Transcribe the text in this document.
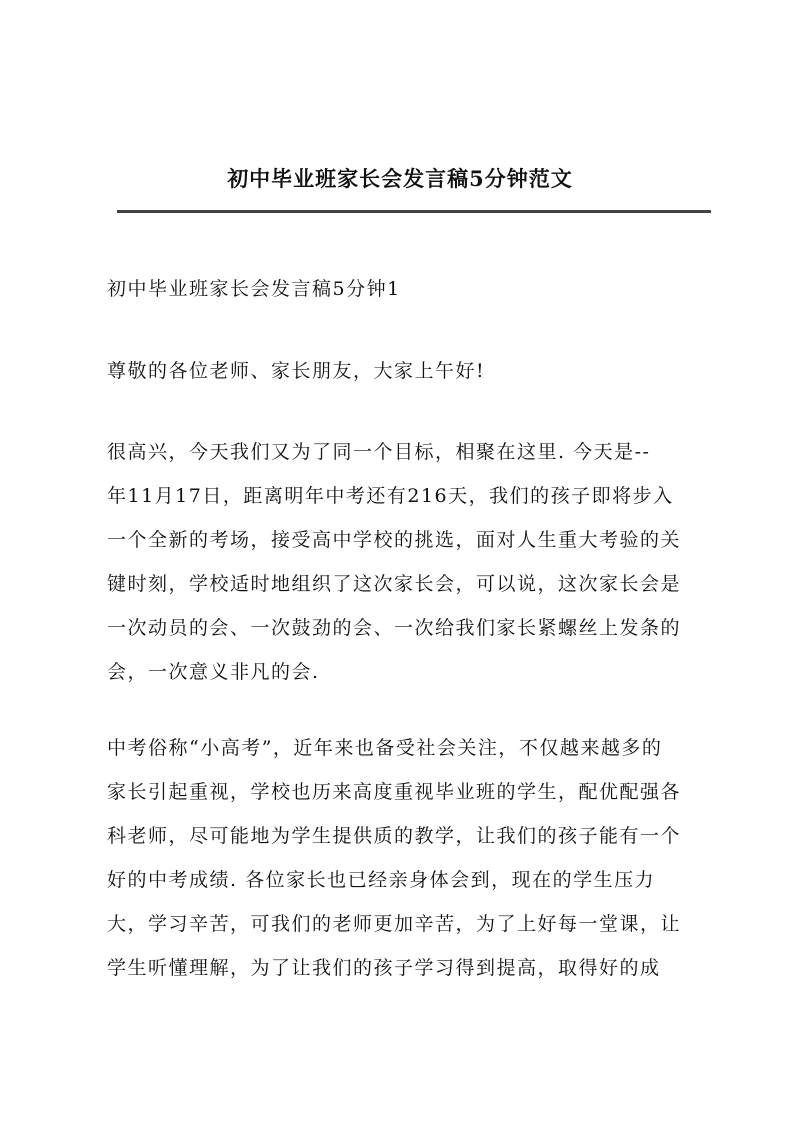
初中毕业班家长会发言稿5分钟范文
初中毕业班家长会发言稿5分钟1
尊敬的各位老师、家长朋友，大家上午好!
很高兴，今天我们又为了同一个目标，相聚在这里. 今天是--
年11月17日，距离明年中考还有216天，我们的孩子即将步入
一个全新的考场，接受高中学校的挑选，面对人生重大考验的关
键时刻，学校适时地组织了这次家长会，可以说，这次家长会是
一次动员的会、一次鼓劲的会、一次给我们家长紧螺丝上发条的
会，一次意义非凡的会.
中考俗称“小高考”，近年来也备受社会关注，不仅越来越多的
家长引起重视，学校也历来高度重视毕业班的学生，配优配强各
科老师，尽可能地为学生提供质的教学，让我们的孩子能有一个
好的中考成绩. 各位家长也已经亲身体会到，现在的学生压力
大，学习辛苦，可我们的老师更加辛苦，为了上好每一堂课，让
学生听懂理解，为了让我们的孩子学习得到提高，取得好的成
